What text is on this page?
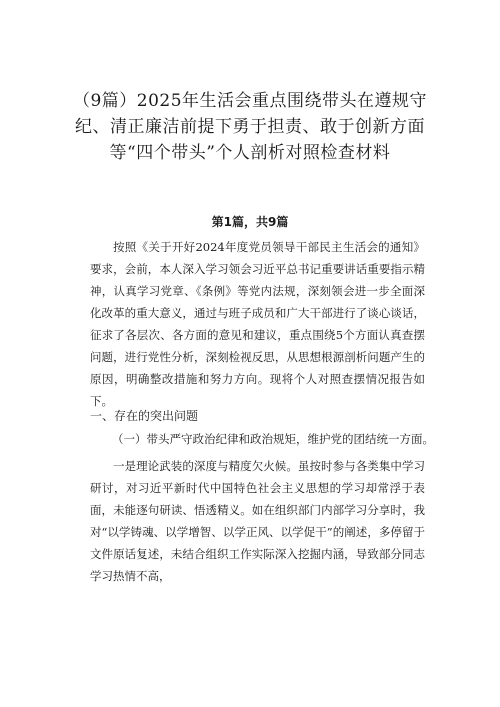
（9篇）2025年生活会重点围绕带头在遵规守
纪、清正廉洁前提下勇于担责、敢于创新方面
等“四个带头”个人剖析对照检查材料
第1篇，共9篇
按照《关于开好2024年度党员领导干部民主生活会的通知》要求，会前，本人深入学习领会习近平总书记重要讲话重要指示精神，认真学习党章、《条例》等党内法规，深刻领会进一步全面深化改革的重大意义，通过与班子成员和广大干部进行了谈心谈话，征求了各层次、各方面的意见和建议，重点围绕5个方面认真查摆问题，进行党性分析，深刻检视反思，从思想根源剖析问题产生的原因，明确整改措施和努力方向。现将个人对照查摆情况报告如下。
一、存在的突出问题
（一）带头严守政治纪律和政治规矩，维护党的团结统一方面。
一是理论武装的深度与精度欠火候。虽按时参与各类集中学习研讨，对习近平新时代中国特色社会主义思想的学习却常浮于表面，未能逐句研读、悟透精义。如在组织部门内部学习分享时，我对“以学铸魂、以学增智、以学正风、以学促干”的阐述，多停留于文件原话复述，未结合组织工作实际深入挖掘内涵，导致部分同志学习热情不高，
